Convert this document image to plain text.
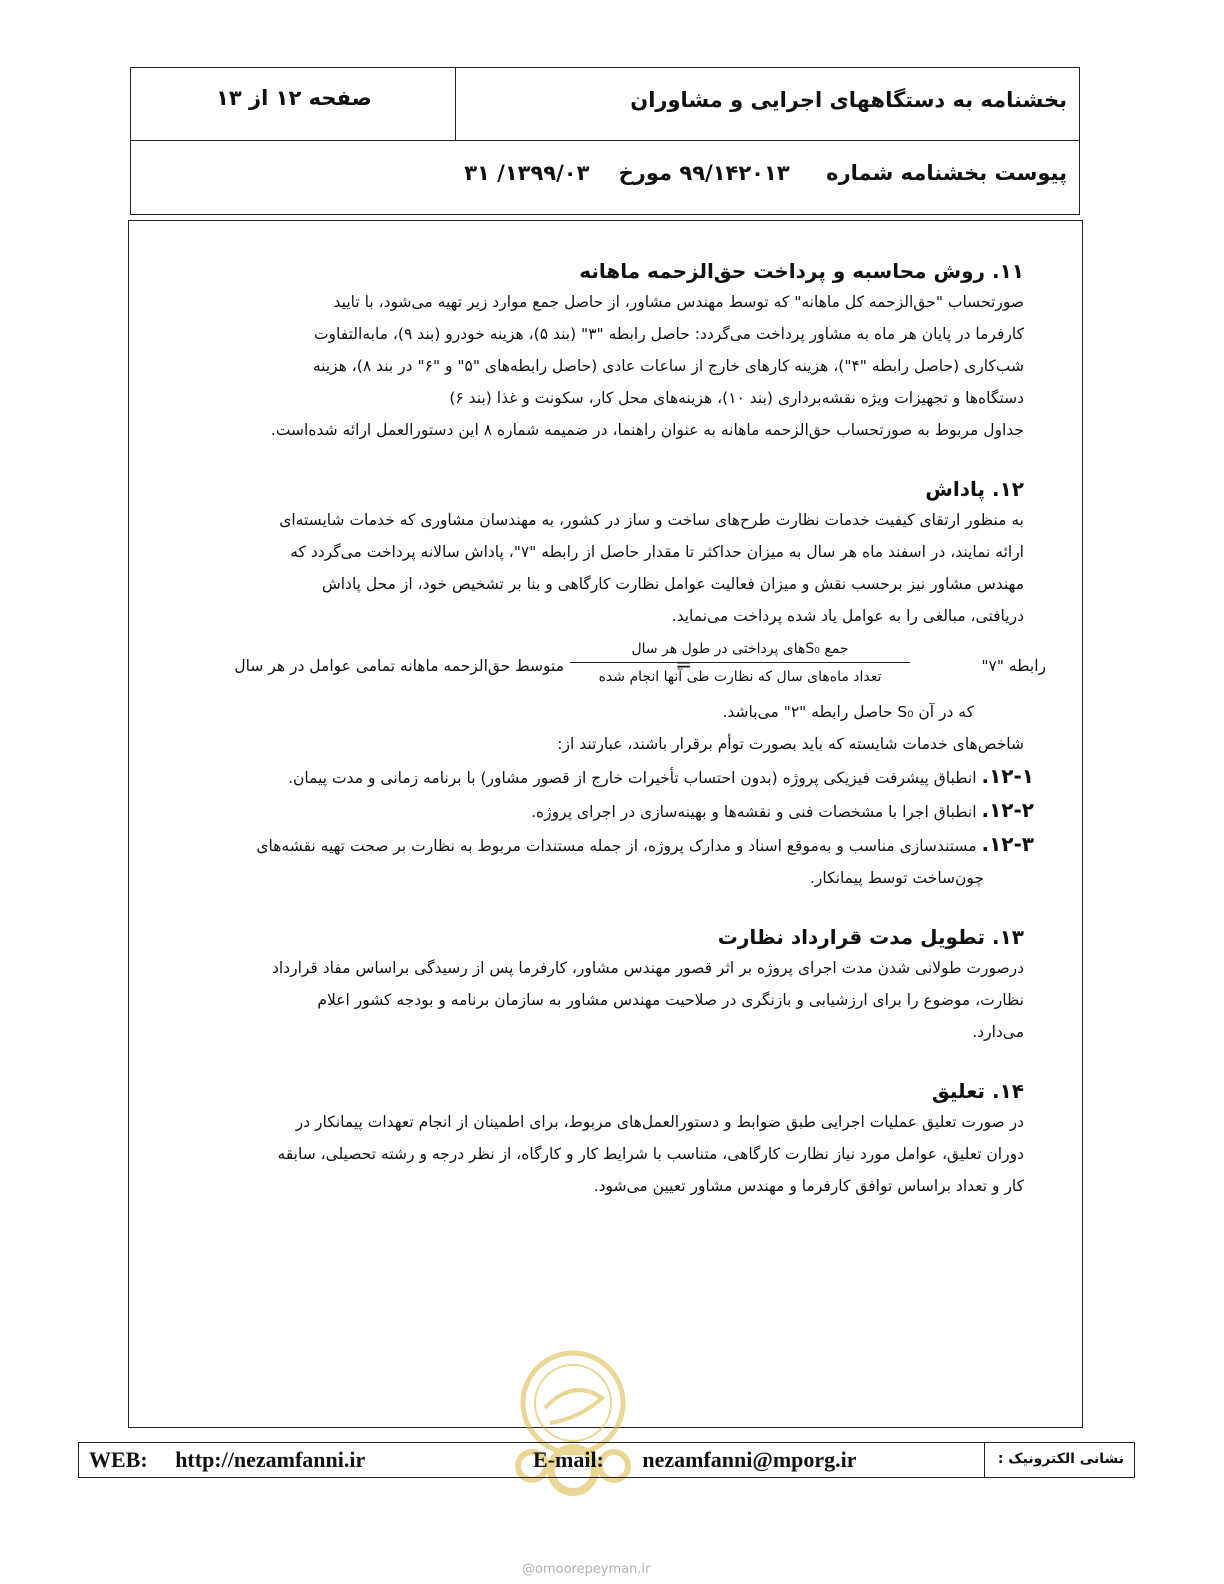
بخشنامه به دستگاههای اجرایی و مشاوران
صفحه ۱۲ از ۱۳
پیوست بخشنامه شماره     ۹۹/۱۴۲۰۱۳ مورخ    ۱۳۹۹/۰۳/ ۳۱
۱۱. روش محاسبه و پرداخت حق‌الزحمه ماهانه

صورتحساب "حق‌الزحمه کل ماهانه" که توسط مهندس مشاور، از حاصل جمع موارد زیر تهیه می‌شود، با تایید

کارفرما در پایان هر ماه به مشاور پرداخت می‌گردد: حاصل رابطه "۳" (بند ۵)، هزینه خودرو (بند ۹)، مابه‌التفاوت

شب‌کاری (حاصل رابطه "۴")، هزینه کارهای خارج از ساعات عادی (حاصل رابطه‌های "۵" و "۶" در بند ۸)، هزینه

دستگاه‌ها و تجهیزات ویژه نقشه‌برداری (بند ۱۰)، هزینه‌های محل کار، سکونت و غذا (بند ۶)

جداول مربوط به صورتحساب حق‌الزحمه ماهانه به عنوان راهنما، در ضمیمه شماره ۸ این دستورالعمل ارائه شده‌است.

۱۲. پاداش

به منظور ارتقای کیفیت خدمات نظارت طرح‌های ساخت و ساز در کشور، به مهندسان مشاوری که خدمات شایسته‌ای

ارائه نمایند، در اسفند ماه هر سال به میزان حداکثر تا مقدار حاصل از رابطه "۷"، پاداش سالانه پرداخت می‌گردد که

مهندس مشاور نیز برحسب نقش و میزان فعالیت عوامل نظارت کارگاهی و بنا بر تشخیص خود، از محل پاداش

دریافتی، مبالغی را به عوامل یاد شده پرداخت می‌نماید.

رابطه "۷"
متوسط حق‌الزحمه ماهانه تمامی عوامل در هر سال	=
جمع S₀های پرداختی در طول هر سال
تعداد ماه‌های سال که نظارت طی آنها انجام شده

که در آن S₀ حاصل رابطه "۲" می‌باشد.

شاخص‌های خدمات شایسته که باید بصورت توأم برقرار باشند، عبارتند از:

۱۲-۱. انطباق پیشرفت فیزیکی پروژه (بدون احتساب تأخیرات خارج از قصور مشاور) با برنامه زمانی و مدت پیمان.

۱۲-۲. انطباق اجرا با مشخصات فنی و نقشه‌ها و بهینه‌سازی در اجرای پروژه.

۱۲-۳. مستندسازی مناسب و به‌موقع اسناد و مدارک پروژه، از جمله مستندات مربوط به نظارت بر صحت تهیه نقشه‌های

چون‌ساخت توسط پیمانکار.

۱۳. تطویل مدت قرارداد نظارت

درصورت طولانی شدن مدت اجرای پروژه بر اثر قصور مهندس مشاور، کارفرما پس از رسیدگی براساس مفاد قرارداد

نظارت، موضوع را برای ارزشیابی و بازنگری در صلاحیت مهندس مشاور به سازمان برنامه و بودجه کشور اعلام

می‌دارد.

۱۴. تعلیق

در صورت تعلیق عملیات اجرایی طبق ضوابط و دستورالعمل‌های مربوط، برای اطمینان از انجام تعهدات پیمانکار در

دوران تعلیق، عوامل مورد نیاز نظارت کارگاهی، متناسب با شرایط کار و کارگاه، از نظر درجه و رشته تحصیلی، سابقه

کار و تعداد براساس توافق کارفرما و مهندس مشاور تعیین می‌شود.

WEB: http://nezamfanni.ir	E-mail: nezamfanni@mporg.ir	نشانی الکترونیک :
@omoorepeyman.ir
